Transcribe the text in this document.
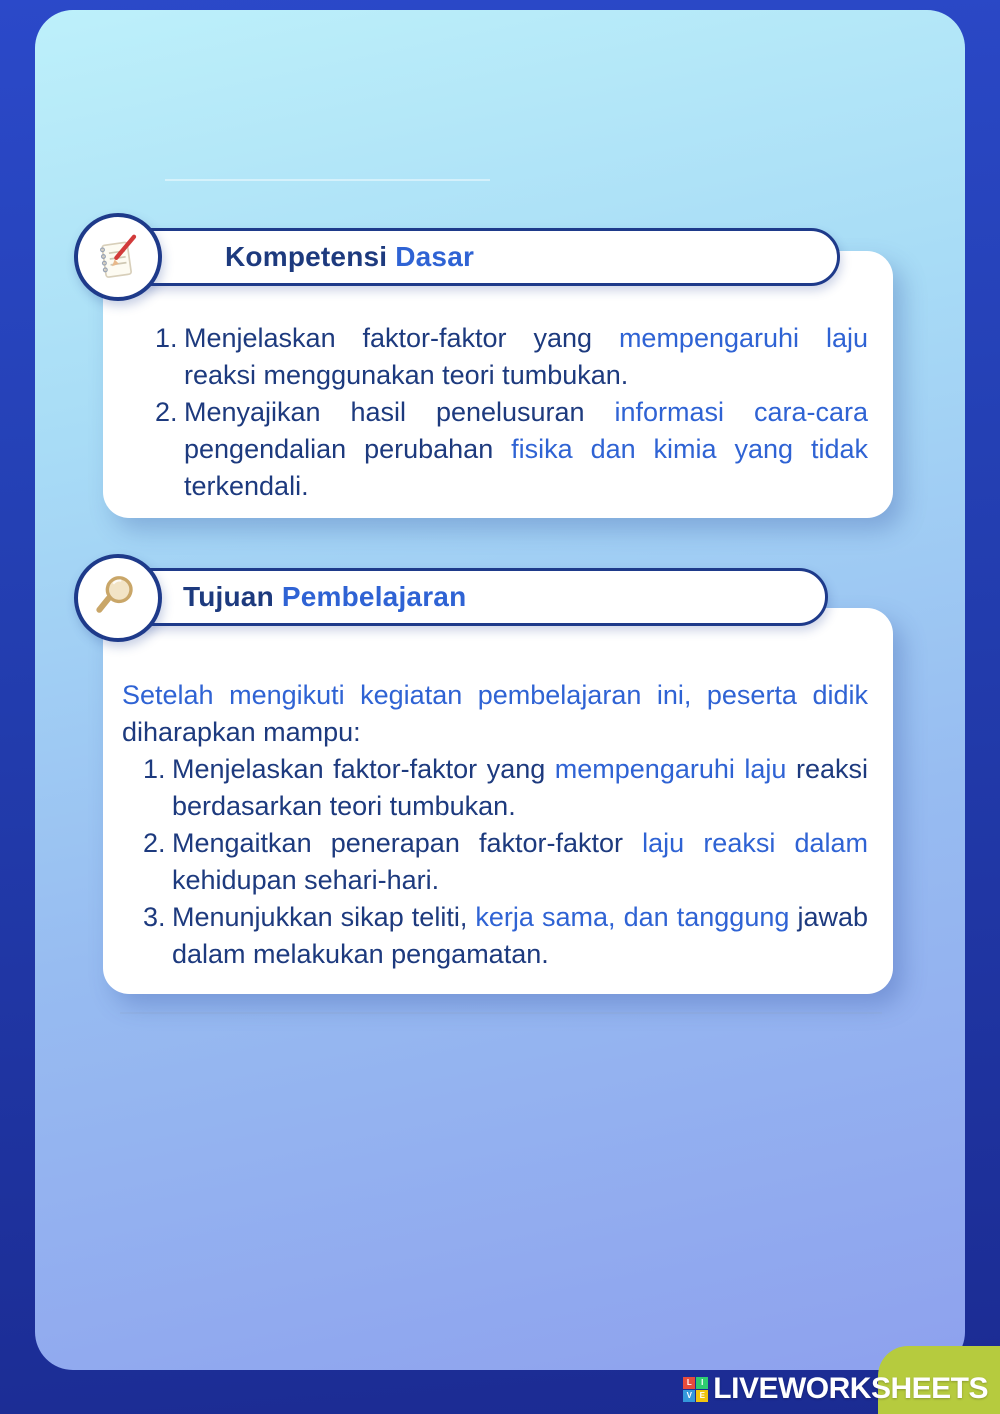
1. Menjelaskan faktor-faktor yang mempengaruhi laju reaksi menggunakan teori tumbukan.
2. Menyajikan hasil penelusuran informasi cara-cara pengendalian perubahan fisika dan kimia yang tidak terkendali.
Kompetensi Dasar
Setelah mengikuti kegiatan pembelajaran ini, peserta didik diharapkan mampu:
1. Menjelaskan faktor-faktor yang mempengaruhi laju reaksi berdasarkan teori tumbukan.
2. Mengaitkan penerapan faktor-faktor laju reaksi dalam kehidupan sehari-hari.
3. Menunjukkan sikap teliti, kerja sama, dan tanggung jawab dalam melakukan pengamatan.
Tujuan Pembelajaran
L	I
V E LIVEWORKSHEETS
